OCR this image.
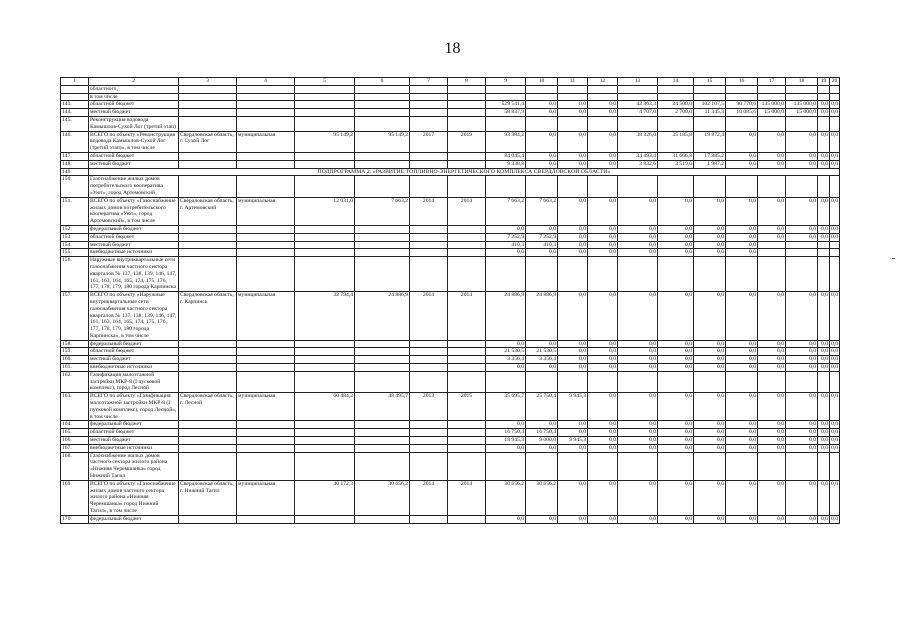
18
1	2	3	4	5	6	7	8	9	10	11	12	13	14	15	16	17	18	19	20
	областного,																		
	в том числе																		
143.	областной бюджет							529 541,4	0,0	0,0	0,0	42 363,3	24 500,0	102 107,5	90 770,6	135 000,0	135 000,0	0,0	0,0
144.	местный бюджет							58 837,9	0,0	0,0	0,0	4 707,0	2 700,0	11 345,3	10 085,6	15 000,0	15 000,0	0,0	0,0
145.	Реконструкция водовода Камышлов-Сухой Лог (третий этап)																		
146.	ВСЕГО по объекту «Реконструкция водовода Камышлов-Сухой Лог (третий этап)», в том числе	Свердловская область, г. Сухой Лог	муниципальная	95 149,2	95 149,2	2017	2019	93 384,2	0,0	0,0	0,0	38 326,0	35 185,8	19 872,4	0,0	0,0	0,0	0,0	0,0
147.	областной бюджет							84 045,4	0,0	0,0	0,0	34 493,4	31 666,8	17 885,2	0,0	0,0	0,0	0,0	0,0
148.	местный бюджет							9 338,8	0,0	0,0	0,0	3 832,6	3 519,0	1 987,2	0,0	0,0	0,0	0,0	0,0
149.	ПОДПРОГРАММА 2. «РАЗВИТИЕ ТОПЛИВНО-ЭНЕРГЕТИЧЕСКОГО КОМПЛЕКСА СВЕРДЛОВСКОЙ ОБЛАСТИ»																		
150.	Газоснабжение жилых домов потребительского кооператива «Уют», город Артемовский																		
151.	ВСЕГО по объекту «Газоснабжение жилых домов потребительского кооператива «Уют», город Артемовский», в том числе	Свердловская область, г. Артемовский	муниципальная	12 031,0	7 663,2	2014	2014	7 663,2	7 663,2	0,0	0,0	0,0	0,0	0,0	0,0	0,0	0,0	0,0	0,0
152.	федеральный бюджет							0,0	0,0	0,0	0,0	0,0	0,0	0,0	0,0	0,0	0,0	0,0	0,0
153.	областной бюджет							7 252,9	7 252,9	0,0	0,0	0,0	0,0	0,0	0,0	0,0	0,0	0,0	0,0
154.	местный бюджет							410,3	410,3	0,0	0,0	0,0	0,0	0,0	0,0				
155.	внебюджетные источники							0,0	0,0	0,0	0,0	0,0	0,0	0,0	0,0				
156.	Наружные внутриквартальные сети газоснабжения частного сектора кварталов № 137, 138, 139, 146, 147, 161, 163, 164, 165, 174, 175, 176, 177, 178, 179, 180 города Карпинска																		
157.	ВСЕГО по объекту «Наружные внутриквартальные сети газоснабжения частного сектора кварталов № 137, 138, 139, 146, 147, 161, 163, 164, 165, 174, 175, 176, 177, 178, 179, 180 города Карпинска», в том числе	Свердловская область, г. Карпинск	муниципальная	32 794,4	24 886,9	2014	2014	24 886,9	24 886,9	0,0	0,0	0,0	0,0	0,0	0,0	0,0	0,0	0,0	0,0
158.	федеральный бюджет							0,0	0,0	0,0	0,0	0,0	0,0	0,0	0,0	0,0	0,0	0,0	0,0
159.	областной бюджет							21 530,5	21 530,5	0,0	0,0	0,0	0,0	0,0	0,0	0,0	0,0	0,0	0,0
160.	местный бюджет							3 356,4	3 356,4	0,0	0,0	0,0	0,0	0,0	0,0	0,0	0,0	0,0	0,0
161.	внебюджетные источники							0,0	0,0	0,0	0,0	0,0	0,0	0,0	0,0	0,0	0,0	0,0	0,0
162.	Газификация малоэтажной застройки МКР-8 (I пусковой комплекс), город Лесной																		
163.	ВСЕГО по объекту «Газификация малоэтажной застройки МКР-8 (I пусковой комплекс), город Лесной», в том числе	Свердловская область, г. Лесной	муниципальная	60 484,2	48 495,7	2013	2015	35 695,7	25 750,4	9 945,3	0,0	0,0	0,0	0,0	0,0	0,0	0,0	0,0	0,0
164.	федеральный бюджет							0,0	0,0	0,0	0,0	0,0	0,0	0,0	0,0	0,0	0,0	0,0	0,0
165.	областной бюджет							16 750,4	16 750,4	0,0	0,0	0,0	0,0	0,0	0,0	0,0	0,0	0,0	0,0
166.	местный бюджет							18 945,3	9 000,0	9 945,3	0,0	0,0	0,0	0,0	0,0	0,0	0,0	0,0	0,0
167.	внебюджетные источники							0,0	0,0	0,0	0,0	0,0	0,0	0,0	0,0	0,0	0,0	0,0	0,0
168.	Газоснабжение жилых домов частного сектора жилого района «Нижняя Черемшанка» город Нижний Тагил																		
169.	ВСЕГО по объекту «Газоснабжение жилых домов частного сектора жилого района «Нижняя Черемшанка» город Нижний Тагил», в том числе	Свердловская область, г. Нижний Тагил	муниципальная	40 172,3	30 656,2	2014	2014	30 656,2	30 656,2	0,0	0,0	0,0	0,0	0,0	0,0	0,0	0,0	0,0	0,0
170.	федеральный бюджет							0,0	0,0	0,0	0,0	0,0	0,0	0,0	0,0	0,0	0,0	0,0	0,0
